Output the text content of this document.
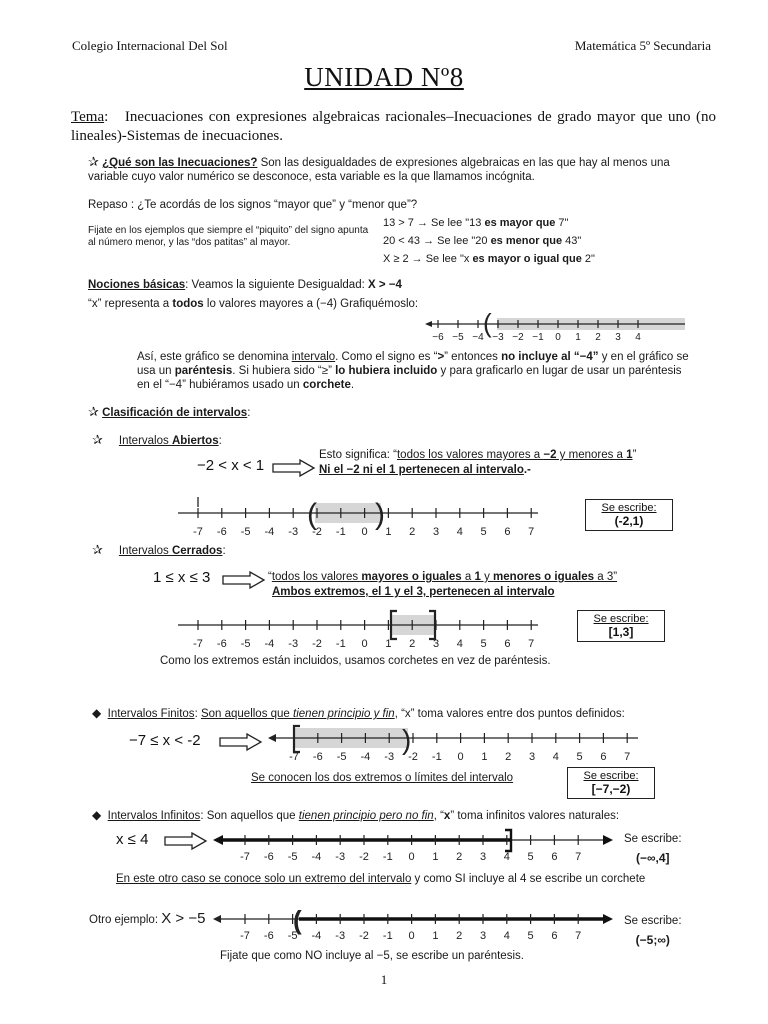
Colegio Internacional Del Sol	Matemática 5º Secundaria
UNIDAD Nº8
Tema:   Inecuaciones con expresiones algebraicas racionales–Inecuaciones de grado mayor que uno (no lineales)-Sistemas de inecuaciones.
✰ ¿Qué son las Inecuaciones? Son las desigualdades de expresiones algebraicas en las que hay al menos una variable cuyo valor numérico se desconoce, esta variable es la que llamamos incógnita.
Repaso : ¿Te acordás de los signos “mayor que” y “menor que”?
Fijate en los ejemplos que siempre el “piquito” del signo apunta al número menor, y las “dos patitas” al mayor.
13 > 7 → Se lee "13 es mayor que 7"
20 < 43 → Se lee "20 es menor que 43"
X ≥ 2 → Se lee "x es mayor o igual que 2"
Nociones básicas: Veamos la siguiente Desigualdad: X > −4
“x” representa a todos lo valores mayores a (−4) Grafiquémoslo:
−6 −5 −4 −3 −2 −1 0 1 2 3 4
(
Así, este gráfico se denomina intervalo. Como el signo es “>” entonces no incluye al “−4” y en el gráfico se usa un paréntesis. Si hubiera sido “≥” lo hubiera incluido y para graficarlo en lugar de usar un paréntesis en el “−4” hubiéramos usado un corchete.
✰ Clasificación de intervalos:
✰ Intervalos Abiertos:
−2 < x < 1
Esto significa: “todos los valores mayores a −2 y menores a 1”
Ni el −2 ni el 1 pertenecen al intervalo.-
-7 -6 -5 -4 -3 -2 -1 0 1 2 3 4 5 6 7
( )	Se escribe:
(-2,1)
✰ Intervalos Cerrados:
1 ≤ x ≤ 3	“todos los valores mayores o iguales a 1 y menores o iguales a 3”
Ambos extremos, el 1 y el 3, pertenecen al intervalo
-7 -6 -5 -4 -3 -2 -1 0 1 2 3 4 5 6 7
Se escribe:
[1,3]
Como los extremos están incluidos, usamos corchetes en vez de paréntesis.
◆ Intervalos Finitos: Son aquellos que tienen principio y fin, “x” toma valores entre dos puntos definidos:
−7 ≤ x < -2
-7 -6 -5 -4 -3 -2 -1 0 1 2 3 4 5 6 7
)
Se conocen los dos extremos o límites del intervalo	Se escribe:
[−7,−2)
◆ Intervalos Infinitos: Son aquellos que tienen principio pero no fin, “x” toma infinitos valores naturales:
x ≤ 4
-7 -6 -5 -4 -3 -2 -1 0 1 2 3 4 5 6 7
Se escribe:
(−∞,4]
En este otro caso se conoce solo un extremo del intervalo y como SI incluye al 4 se escribe un corchete
Otro ejemplo: X > −5
-7 -6 -5 -4 -3 -2 -1 0 1 2 3 4 5 6 7
(	Se escribe:
(−5;∞)
Fijate que como NO incluye al −5, se escribe un paréntesis.
1
